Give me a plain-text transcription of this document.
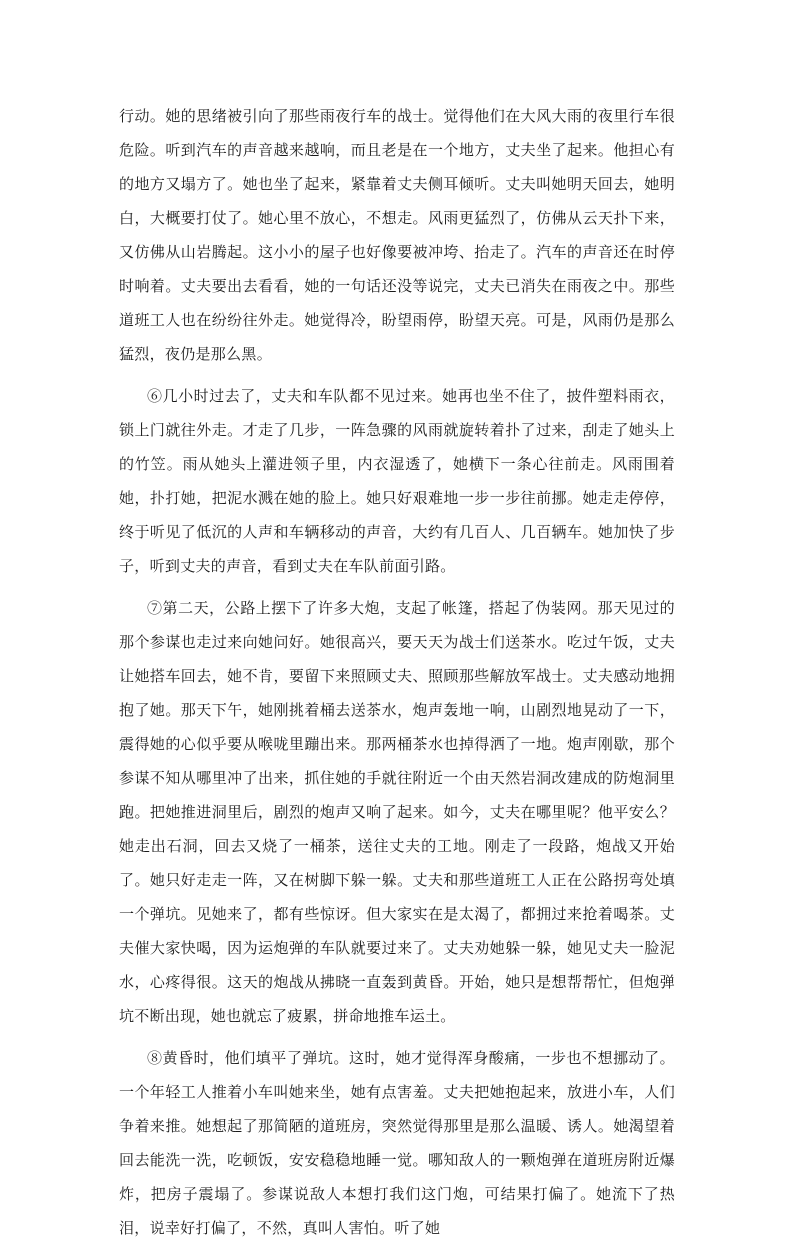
行动。她的思绪被引向了那些雨夜行车的战士。觉得他们在大风大雨的夜里行车很危险。听到汽车的声音越来越响，而且老是在一个地方，丈夫坐了起来。他担心有的地方又塌方了。她也坐了起来，紧靠着丈夫侧耳倾听。丈夫叫她明天回去，她明白，大概要打仗了。她心里不放心，不想走。风雨更猛烈了，仿佛从云天扑下来，又仿佛从山岩腾起。这小小的屋子也好像要被冲垮、抬走了。汽车的声音还在时停时响着。丈夫要出去看看，她的一句话还没等说完，丈夫已消失在雨夜之中。那些道班工人也在纷纷往外走。她觉得冷，盼望雨停，盼望天亮。可是，风雨仍是那么猛烈，夜仍是那么黑。

⑥几小时过去了，丈夫和车队都不见过来。她再也坐不住了，披件塑料雨衣，锁上门就往外走。才走了几步，一阵急骤的风雨就旋转着扑了过来，刮走了她头上的竹笠。雨从她头上灌进领子里，内衣湿透了，她横下一条心往前走。风雨围着她，扑打她，把泥水溅在她的脸上。她只好艰难地一步一步往前挪。她走走停停，终于听见了低沉的人声和车辆移动的声音，大约有几百人、几百辆车。她加快了步子，听到丈夫的声音，看到丈夫在车队前面引路。

⑦第二天，公路上摆下了许多大炮，支起了帐篷，搭起了伪装网。那天见过的那个参谋也走过来向她问好。她很高兴，要天天为战士们送茶水。吃过午饭，丈夫让她搭车回去，她不肯，要留下来照顾丈夫、照顾那些解放军战士。丈夫感动地拥抱了她。那天下午，她刚挑着桶去送茶水，炮声轰地一响，山剧烈地晃动了一下，震得她的心似乎要从喉咙里蹦出来。那两桶茶水也掉得洒了一地。炮声刚歇，那个参谋不知从哪里冲了出来，抓住她的手就往附近一个由天然岩洞改建成的防炮洞里跑。把她推进洞里后，剧烈的炮声又响了起来。如今，丈夫在哪里呢？他平安么？她走出石洞，回去又烧了一桶茶，送往丈夫的工地。刚走了一段路，炮战又开始了。她只好走走一阵，又在树脚下躲一躲。丈夫和那些道班工人正在公路拐弯处填一个弹坑。见她来了，都有些惊讶。但大家实在是太渴了，都拥过来抢着喝茶。丈夫催大家快喝，因为运炮弹的车队就要过来了。丈夫劝她躲一躲，她见丈夫一脸泥水，心疼得很。这天的炮战从拂晓一直轰到黄昏。开始，她只是想帮帮忙，但炮弹坑不断出现，她也就忘了疲累，拼命地推车运土。

⑧黄昏时，他们填平了弹坑。这时，她才觉得浑身酸痛，一步也不想挪动了。一个年轻工人推着小车叫她来坐，她有点害羞。丈夫把她抱起来，放进小车，人们争着来推。她想起了那简陋的道班房，突然觉得那里是那么温暖、诱人。她渴望着回去能洗一洗，吃顿饭，安安稳稳地睡一觉。哪知敌人的一颗炮弹在道班房附近爆炸，把房子震塌了。参谋说敌人本想打我们这门炮，可结果打偏了。她流下了热泪，说幸好打偏了，不然，真叫人害怕。听了她
